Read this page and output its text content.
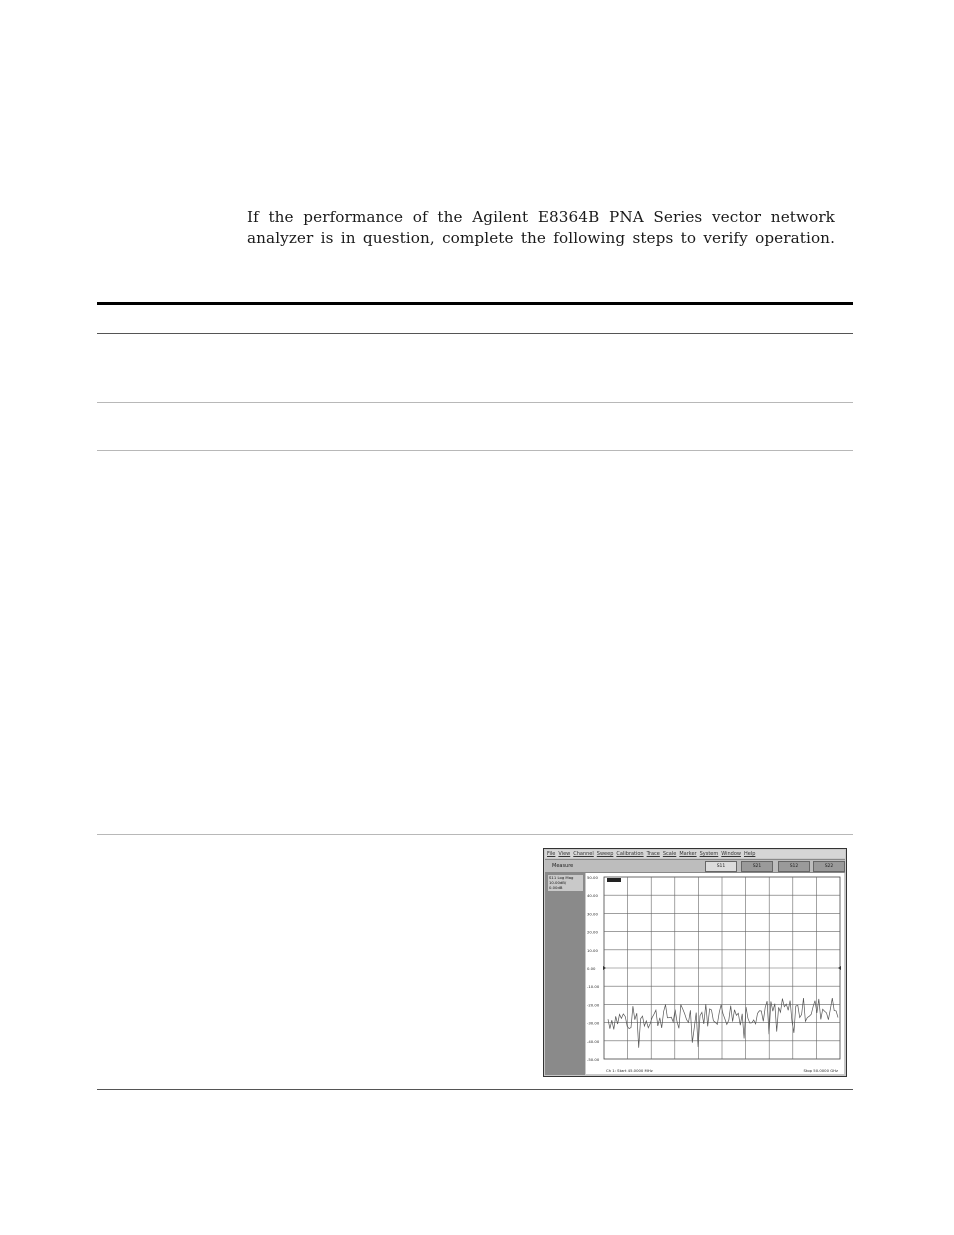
If the performance of the Agilent E8364B PNA Series vector network

analyzer is in question, complete the following steps to verify operation.

File View Channel Sweep Calibration Trace Scale Marker System Window Help
Measure	S11	S21	S12	S22
S11 Log Mag
10.00dB/
0.00dB
50.00
40.00
30.00
20.00
10.00
0.00
-10.00
-20.00
-30.00
-40.00
-50.00
Ch 1: Start 45.0000 MHz	Stop 50.0000 GHz
